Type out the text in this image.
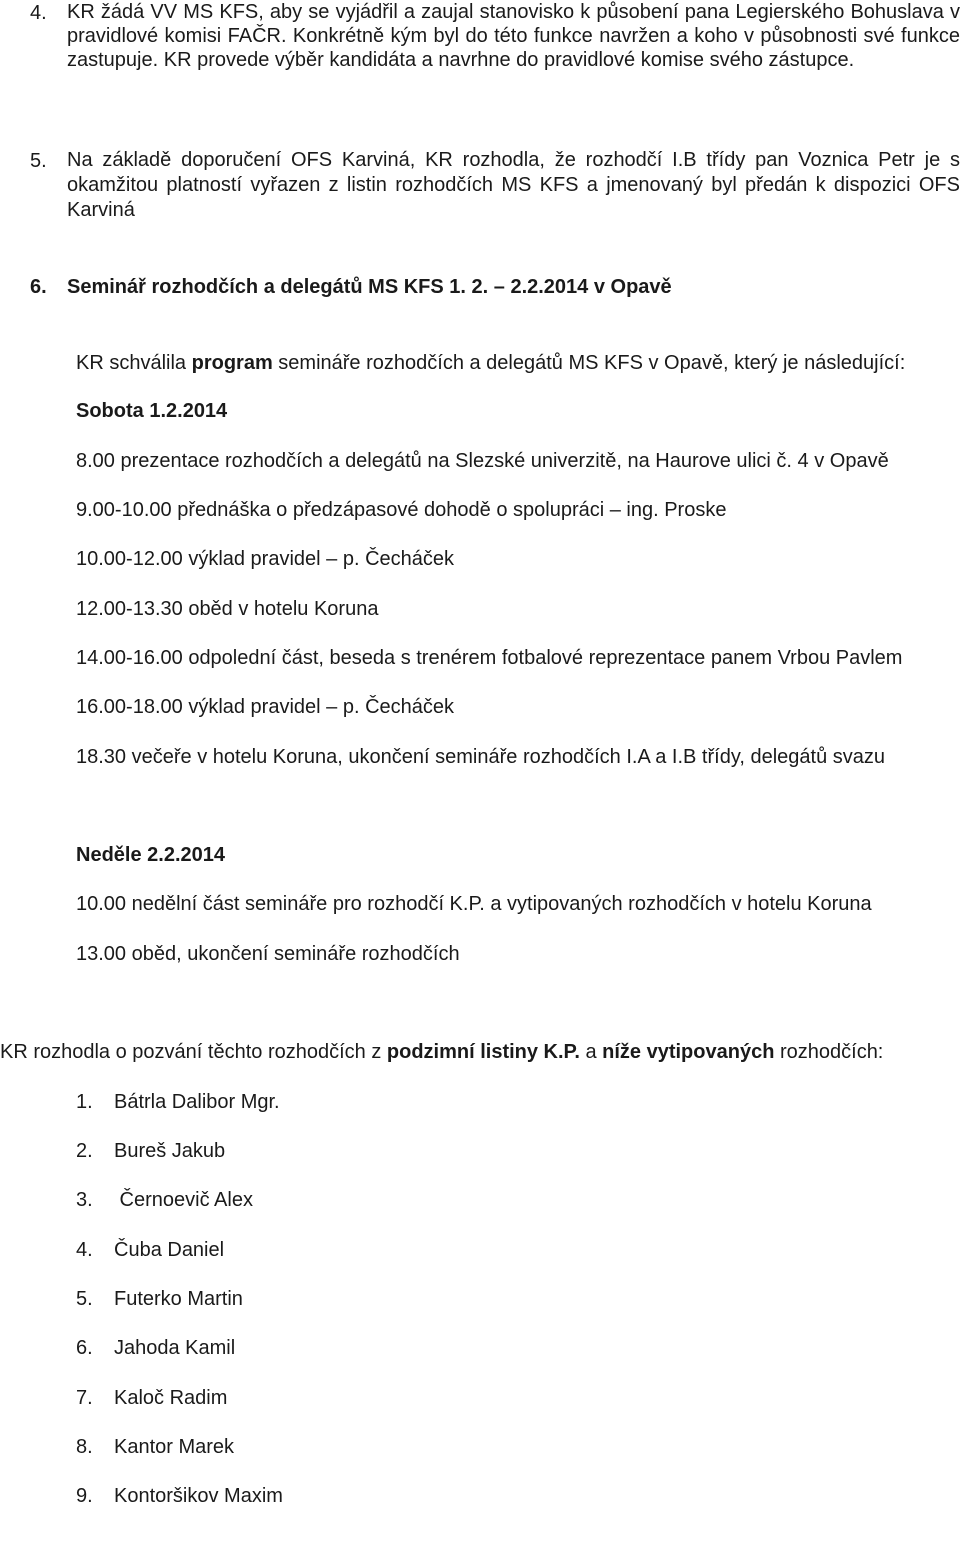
4. KR žádá VV MS KFS, aby se vyjádřil a zaujal stanovisko k působení pana Legierského Bohuslava v pravidlové komisi FAČR. Konkrétně kým byl do této funkce navržen a koho v působnosti své funkce zastupuje. KR provede výběr kandidáta a navrhne do pravidlové komise svého zástupce.
5. Na základě doporučení OFS Karviná, KR rozhodla, že rozhodčí I.B třídy pan Voznica Petr je s okamžitou platností vyřazen z listin rozhodčích MS KFS a jmenovaný byl předán k dispozici OFS Karviná
6. Seminář rozhodčích a delegátů MS KFS 1. 2. – 2.2.2014 v Opavě
KR schválila program semináře rozhodčích a delegátů MS KFS v Opavě, který je následující:
Sobota 1.2.2014
8.00 prezentace rozhodčích a delegátů na Slezské univerzitě, na Haurove ulici č. 4 v Opavě
9.00-10.00 přednáška o předzápasové dohodě o spolupráci – ing. Proske
10.00-12.00 výklad pravidel – p. Čecháček
12.00-13.30 oběd v hotelu Koruna
14.00-16.00 odpolední část, beseda s trenérem fotbalové reprezentace panem Vrbou Pavlem
16.00-18.00 výklad pravidel – p. Čecháček
18.30 večeře v hotelu Koruna, ukončení semináře rozhodčích I.A a I.B třídy, delegátů svazu
Neděle 2.2.2014
10.00 nedělní část semináře pro rozhodčí K.P. a vytipovaných rozhodčích v hotelu Koruna
13.00 oběd, ukončení semináře rozhodčích
KR rozhodla o pozvání těchto rozhodčích z podzimní listiny K.P. a níže vytipovaných rozhodčích:
1. Bátrla Dalibor Mgr.
2. Bureš Jakub
3. Černoevič Alex
4. Čuba Daniel
5. Futerko Martin
6. Jahoda Kamil
7. Kaloč Radim
8. Kantor Marek
9. Kontoršikov Maxim
